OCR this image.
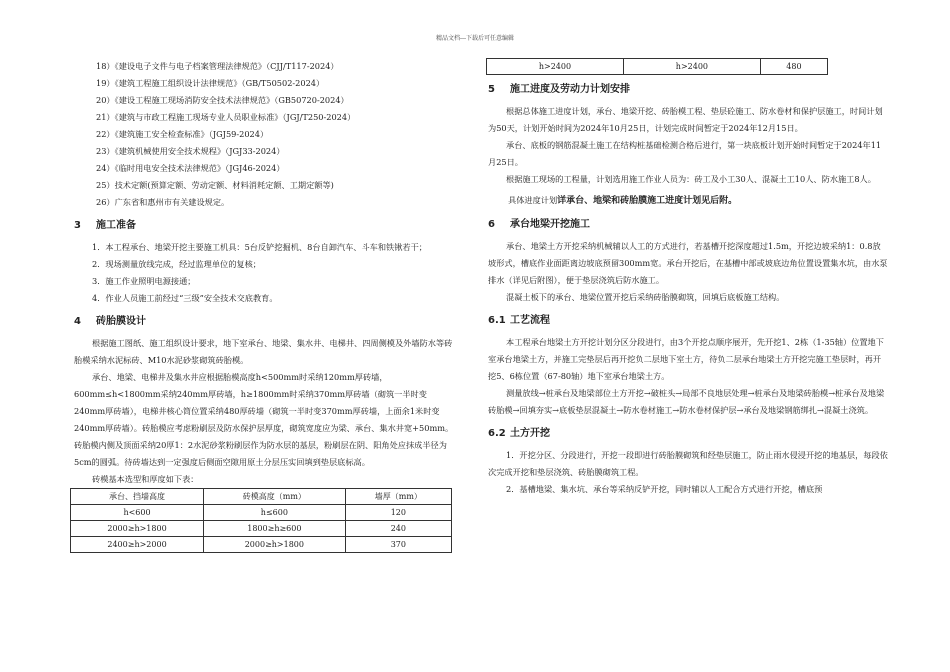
精品文档---下载后可任意编辑

18）《建设电子文件与电子档案管理法律规范》（CJJ/T117-2024）

19）《建筑工程施工组织设计法律规范》（GB/T50502-2024）

20）《建设工程施工现场消防安全技术法律规范》（GB50720-2024）

21）《建筑与市政工程施工现场专业人员职业标准》（JGJ/T250-2024）

22）《建筑施工安全检查标准》（JGJ59-2024）

23）《建筑机械使用安全技术规程》（JGJ33-2024）

24）《临时用电安全技术法律规范》（JGJ46-2024）

25）技术定额(预算定额、劳动定额、材料消耗定额、工期定额等)

26）广东省和惠州市有关建设规定。

3 施工准备

1．本工程承台、地梁开挖主要施工机具：5台反铲挖掘机、8台自卸汽车、斗车和铁锹若干；

2．现场测量放线完成，经过监理单位的复核；

3．施工作业照明电源接通；

4．作业人员施工前经过“三级”安全技术交底教育。

4 砖胎膜设计

根据施工图纸、施工组织设计要求，地下室承台、地梁、集水井、电梯井、四周侧模及外墙防水等砖胎模采纳水泥标砖、M10水泥砂浆砌筑砖胎模。

承台、地梁、电梯井及集水井应根据胎模高度h<500mm时采纳120mm厚砖墙，600mm≤h<1800mm采纳240mm厚砖墙，h≥1800mm时采纳370mm厚砖墙（砌筑一半时变240mm厚砖墙），电梯井核心筒位置采纳480厚砖墙（砌筑一半时变370mm厚砖墙，上面余1米时变240mm厚砖墙）。砖胎模应考虑粉刷层及防水保护层厚度，砌筑宽度应为梁、承台、集水井宽+50mm。砖胎模内侧及顶面采纳20厚1：2水泥砂浆粉刷层作为防水层的基层，粉刷层在阴、阳角处应抹成半径为5cm的圆弧。待砖墙达到一定强度后侧面空隙用原土分层压实回填到垫层底标高。

砖模基本选型和厚度如下表：

承台、挡墙高度	砖模高度（mm）	墙厚（mm）
h<600	h≤600	120
2000≥h>1800	1800≥h≥600	240
2400≥h>2000	2000≥h>1800	370
h>2400	h>2400	480
5 施工进度及劳动力计划安排

根据总体施工进度计划，承台、地梁开挖、砖胎模工程、垫层砼施工、防水卷材和保护层施工，时间计划为50天，计划开始时间为2024年10月25日，计划完成时间暂定于2024年12月15日。

承台、底板的钢筋混凝土施工在结构桩基础检测合格后进行，第一块底板计划开始时间暂定于2024年11月25日。

根据施工现场的工程量，计划选用施工作业人员为：砖工及小工30人、混凝土工10人、防水施工8人。

具体进度计划详承台、地梁和砖胎膜施工进度计划见后附。

6 承台地梁开挖施工

承台、地梁土方开挖采纳机械辅以人工的方式进行，若基槽开挖深度超过1.5m，开挖边坡采纳1：0.8放坡形式，槽底作业面距离边坡底预留300mm宽。承台开挖后，在基槽中部或坡底边角位置设置集水坑，由水泵排水（详见后附图），便于垫层浇筑后防水施工。

混凝土板下的承台、地梁位置开挖后采纳砖胎膜砌筑，回填后底板施工结构。

6.1 工艺流程

本工程承台地梁土方开挖计划分区分段进行，由3个开挖点顺序展开，先开挖1、2栋（1-35轴）位置地下室承台地梁土方，并施工完垫层后再开挖负二层地下室土方，待负二层承台地梁土方开挖完施工垫层时，再开挖5、6栋位置（67-80轴）地下室承台地梁土方。

测量放线→桩承台及地梁部位土方开挖→破桩头→局部不良地层处理→桩承台及地梁砖胎模→桩承台及地梁砖胎模→回填夯实→底板垫层混凝土→防水卷材施工→防水卷材保护层→承台及地梁钢筋绑扎→混凝土浇筑。

6.2 土方开挖

1．开挖分区、分段进行，开挖一段即进行砖胎膜砌筑和经垫层施工，防止雨水侵浸开挖的地基层，每段依次完成开挖和垫层浇筑、砖胎膜砌筑工程。

2．基槽地梁、集水坑、承台等采纳反铲开挖，同时辅以人工配合方式进行开挖，槽底预
